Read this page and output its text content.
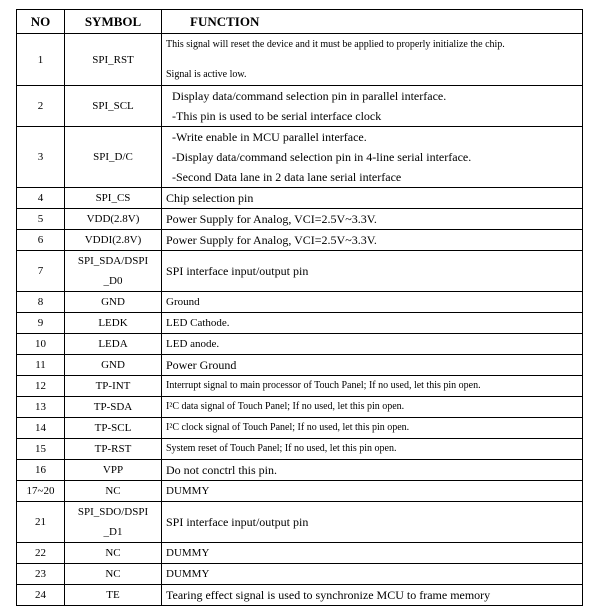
NO	SYMBOL	FUNCTION
1	SPI_RST	This signal will reset the device and it must be applied to properly initialize the chip.
Signal is active low.

2	SPI_SCL	Display data/command selection pin in parallel interface.
-This pin is used to be serial interface clock

3	SPI_D/C	-Write enable in MCU parallel interface.
-Display data/command selection pin in 4-line serial interface.
-Second Data lane in 2 data lane serial interface

4	SPI_CS	Chip selection pin

5	VDD(2.8V)	Power Supply for Analog, VCI=2.5V~3.3V.

6	VDDI(2.8V)	Power Supply for Analog, VCI=2.5V~3.3V.

7	SPI_SDA/DSPI
_D0	SPI interface input/output pin

8	GND	Ground

9	LEDK	LED Cathode.

10	LEDA	LED anode.

11	GND	Power Ground

12	TP-INT	Interrupt signal to main processor of Touch Panel; If no used, let this pin open.

13	TP-SDA	I²C data signal of Touch Panel; If no used, let this pin open.

14	TP-SCL	I²C clock signal of Touch Panel; If no used, let this pin open.

15	TP-RST	System reset of Touch Panel; If no used, let this pin open.

16	VPP	Do not conctrl this pin.

17~20	NC	DUMMY

21	SPI_SDO/DSPI
_D1	SPI interface input/output pin

22	NC	DUMMY

23	NC	DUMMY

24	TE	Tearing effect signal is used to synchronize MCU to frame memory
